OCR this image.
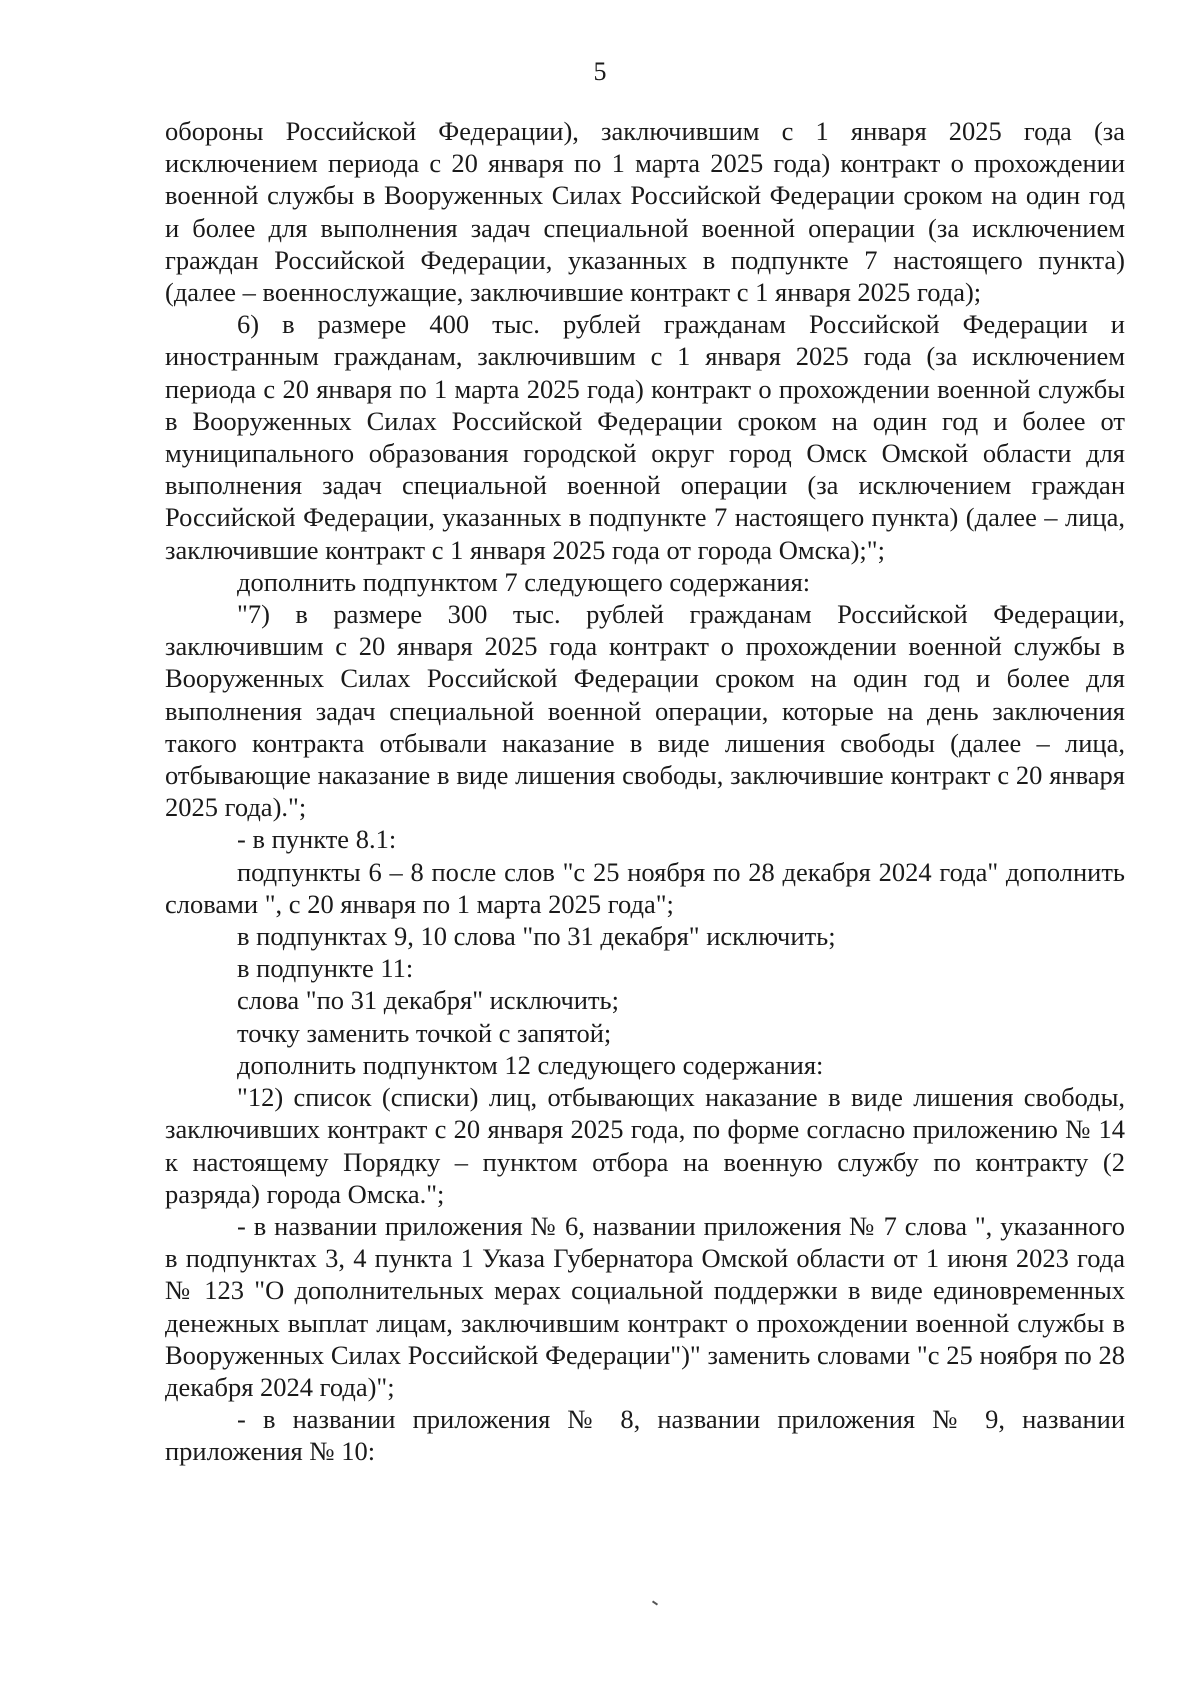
5

обороны Российской Федерации), заключившим с 1 января 2025 года (за исключением периода с 20 января по 1 марта 2025 года) контракт о прохождении военной службы в Вооруженных Силах Российской Федерации сроком на один год и более для выполнения задач специальной военной операции (за исключением граждан Российской Федерации, указанных в подпункте 7 настоящего пункта) (далее – военнослужащие, заключившие контракт с 1 января 2025 года);

6) в размере 400 тыс. рублей гражданам Российской Федерации и иностранным гражданам, заключившим с 1 января 2025 года (за исключением периода с 20 января по 1 марта 2025 года) контракт о прохождении военной службы в Вооруженных Силах Российской Федерации сроком на один год и более от муниципального образования городской округ город Омск Омской области для выполнения задач специальной военной операции (за исключением граждан Российской Федерации, указанных в подпункте 7 настоящего пункта) (далее – лица, заключившие контракт с 1 января 2025 года от города Омска);";

дополнить подпунктом 7 следующего содержания:

"7) в размере 300 тыс. рублей гражданам Российской Федерации, заключившим с 20 января 2025 года контракт о прохождении военной службы в Вооруженных Силах Российской Федерации сроком на один год и более для выполнения задач специальной военной операции, которые на день заключения такого контракта отбывали наказание в виде лишения свободы (далее – лица, отбывающие наказание в виде лишения свободы, заключившие контракт с 20 января 2025 года).";

- в пункте 8.1:

подпункты 6 – 8 после слов "с 25 ноября по 28 декабря 2024 года" дополнить словами ", с 20 января по 1 марта 2025 года";

в подпунктах 9, 10 слова "по 31 декабря" исключить;

в подпункте 11:

слова "по 31 декабря" исключить;

точку заменить точкой с запятой;

дополнить подпунктом 12 следующего содержания:

"12) список (списки) лиц, отбывающих наказание в виде лишения свободы, заключивших контракт с 20 января 2025 года, по форме согласно приложению № 14 к настоящему Порядку – пунктом отбора на военную службу по контракту (2 разряда) города Омска.";

- в названии приложения № 6, названии приложения № 7 слова ", указанного в подпунктах 3, 4 пункта 1 Указа Губернатора Омской области от 1 июня 2023 года № 123 "О дополнительных мерах социальной поддержки в виде единовременных денежных выплат лицам, заключившим контракт о прохождении военной службы в Вооруженных Силах Российской Федерации")" заменить словами "с 25 ноября по 28 декабря 2024 года)";

- в названии приложения № 8, названии приложения № 9, названии приложения № 10:
